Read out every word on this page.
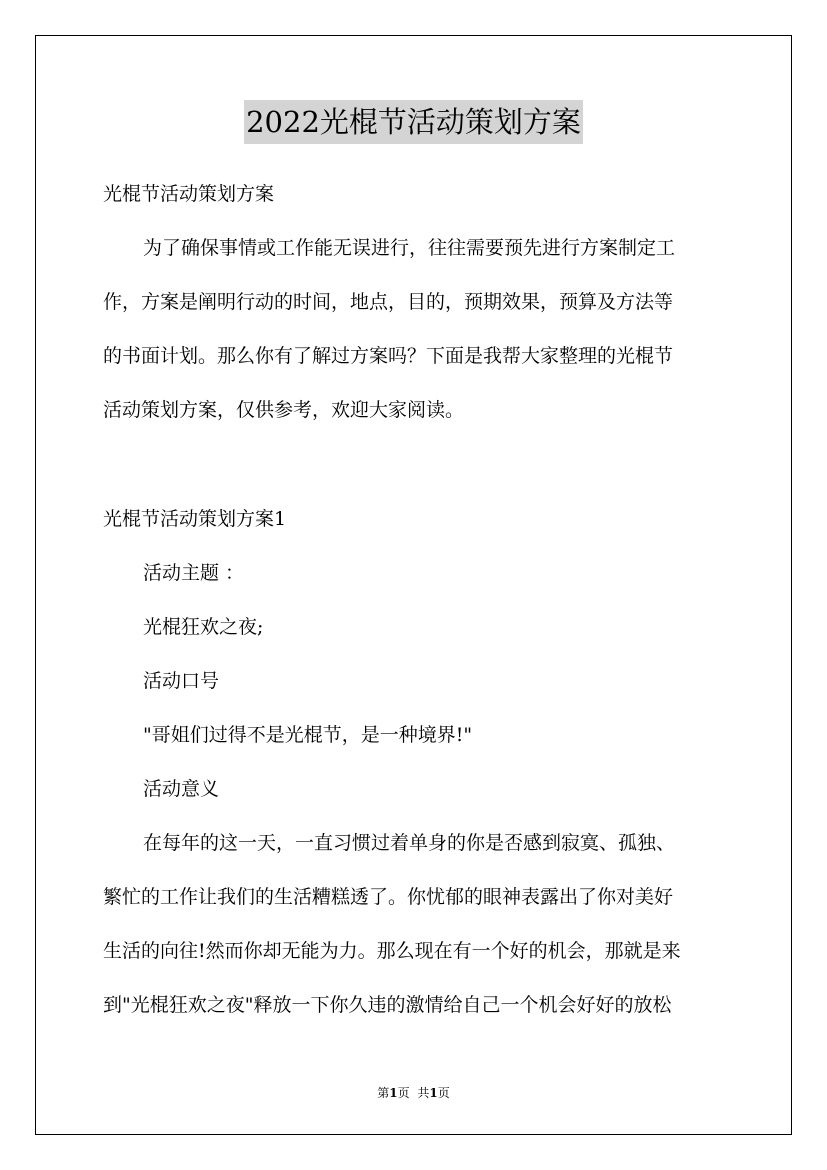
2022光棍节活动策划方案
光棍节活动策划方案
为了确保事情或工作能无误进行，往往需要预先进行方案制定工
作，方案是阐明行动的时间，地点，目的，预期效果，预算及方法等
的书面计划。那么你有了解过方案吗？下面是我帮大家整理的光棍节
活动策划方案，仅供参考，欢迎大家阅读。
光棍节活动策划方案1
活动主题 ：
光棍狂欢之夜;
活动口号
"哥姐们过得不是光棍节，是一种境界!"
活动意义
在每年的这一天，一直习惯过着单身的你是否感到寂寞、孤独、
繁忙的工作让我们的生活糟糕透了。你忧郁的眼神表露出了你对美好
生活的向往!然而你却无能为力。那么现在有一个好的机会，那就是来
到"光棍狂欢之夜"释放一下你久违的激情给自己一个机会好好的放松
第1页 共1页
